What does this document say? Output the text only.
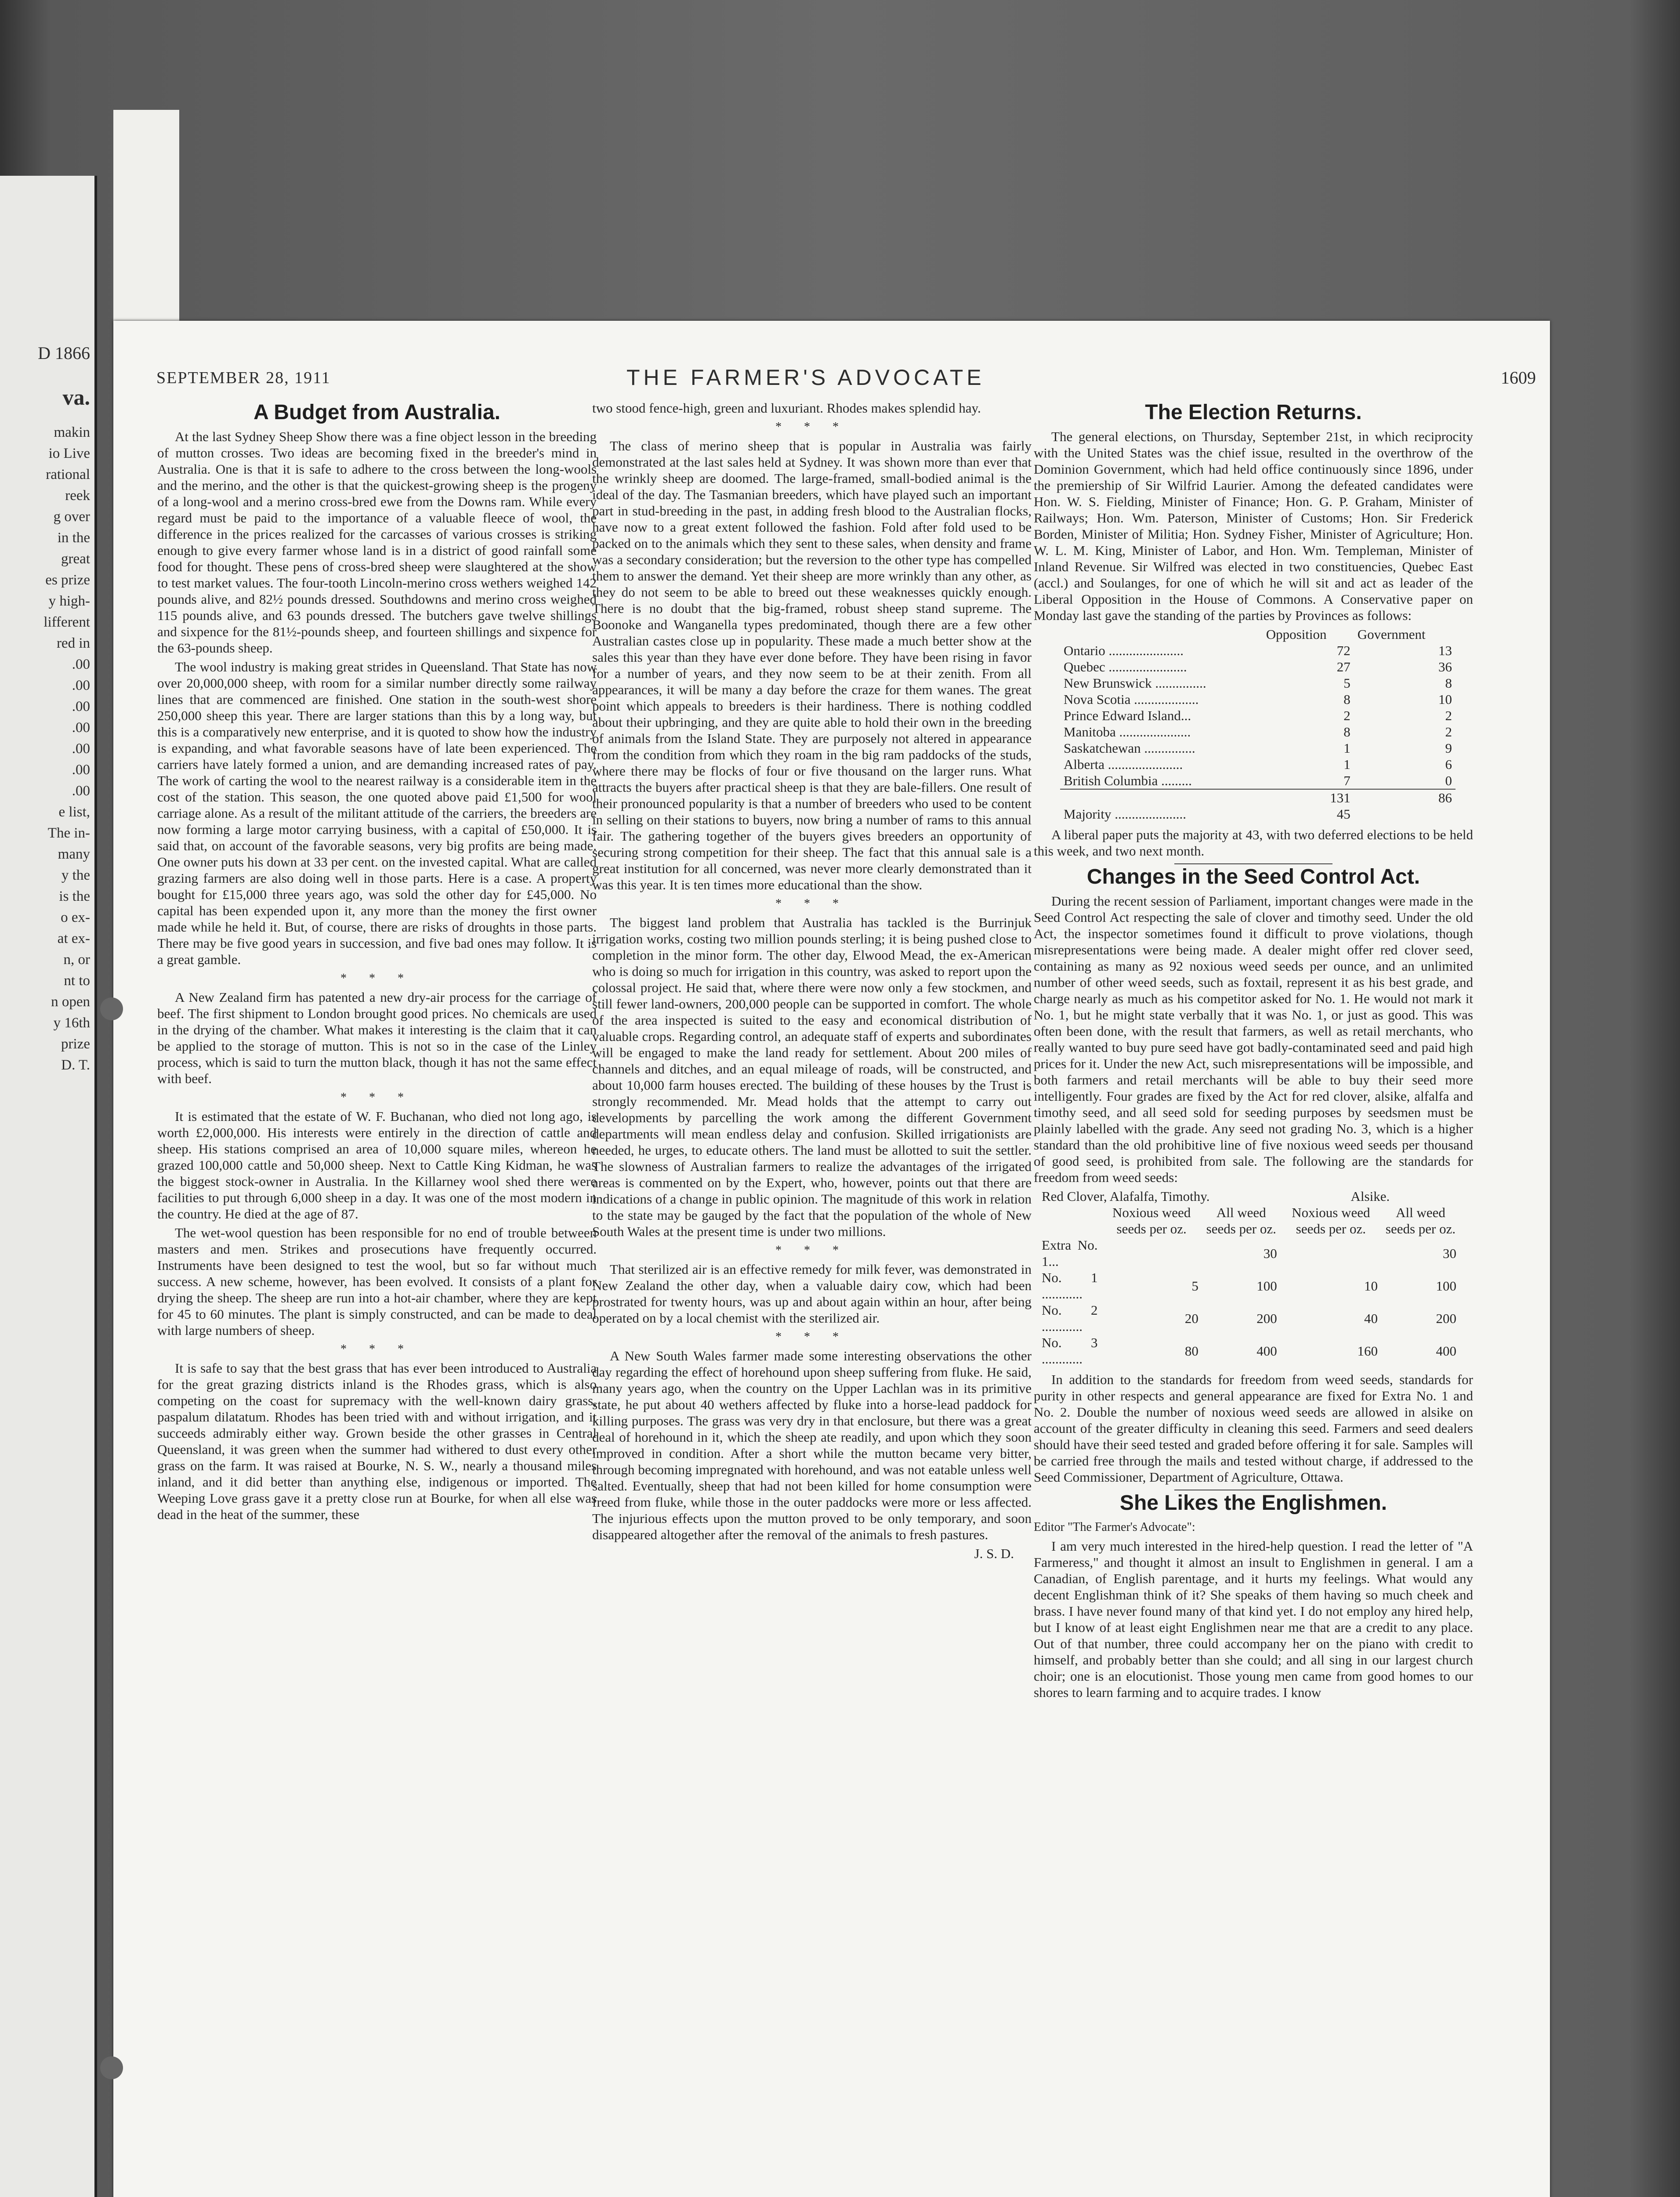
D 1866
va.
makin
io Live
rational
reek
g over
in the
great
es prize
y high-
lifferent
red in
.00
.00
.00
.00
.00
.00
.00
e list,
The in-
many
y the
is the
o ex-
at ex-
n, or
nt to
n open
y 16th
prize
D. T.
SEPTEMBER 28, 1911	THE FARMER'S ADVOCATE	1609
A Budget from Australia.

At the last Sydney Sheep Show there was a fine object lesson in the breeding of mutton crosses. Two ideas are becoming fixed in the breeder's mind in Australia. One is that it is safe to adhere to the cross between the long-wools and the merino, and the other is that the quickest-growing sheep is the progeny of a long-wool and a merino cross-bred ewe from the Downs ram. While every regard must be paid to the importance of a valuable fleece of wool, the difference in the prices realized for the carcasses of various crosses is striking enough to give every farmer whose land is in a district of good rainfall some food for thought. These pens of cross-bred sheep were slaughtered at the show to test market values. The four-tooth Lincoln-merino cross wethers weighed 142 pounds alive, and 82½ pounds dressed. Southdowns and merino cross weighed 115 pounds alive, and 63 pounds dressed. The butchers gave twelve shillings and sixpence for the 81½-pounds sheep, and fourteen shillings and sixpence for the 63-pounds sheep.

The wool industry is making great strides in Queensland. That State has now over 20,000,000 sheep, with room for a similar number directly some railway lines that are commenced are finished. One station in the south-west shore 250,000 sheep this year. There are larger stations than this by a long way, but this is a comparatively new enterprise, and it is quoted to show how the industry is expanding, and what favorable seasons have of late been experienced. The carriers have lately formed a union, and are demanding increased rates of pay. The work of carting the wool to the nearest railway is a considerable item in the cost of the station. This season, the one quoted above paid £1,500 for wool carriage alone. As a result of the militant attitude of the carriers, the breeders are now forming a large motor carrying business, with a capital of £50,000. It is said that, on account of the favorable seasons, very big profits are being made. One owner puts his down at 33 per cent. on the invested capital. What are called grazing farmers are also doing well in those parts. Here is a case. A property bought for £15,000 three years ago, was sold the other day for £45,000. No capital has been expended upon it, any more than the money the first owner made while he held it. But, of course, there are risks of droughts in those parts. There may be five good years in succession, and five bad ones may follow. It is a great gamble.

* * *

A New Zealand firm has patented a new dry-air process for the carriage of beef. The first shipment to London brought good prices. No chemicals are used in the drying of the chamber. What makes it interesting is the claim that it can be applied to the storage of mutton. This is not so in the case of the Linley process, which is said to turn the mutton black, though it has not the same effect with beef.

* * *

It is estimated that the estate of W. F. Buchanan, who died not long ago, is worth £2,000,000. His interests were entirely in the direction of cattle and sheep. His stations comprised an area of 10,000 square miles, whereon he grazed 100,000 cattle and 50,000 sheep. Next to Cattle King Kidman, he was the biggest stock-owner in Australia. In the Killarney wool shed there were facilities to put through 6,000 sheep in a day. It was one of the most modern in the country. He died at the age of 87.

The wet-wool question has been responsible for no end of trouble between masters and men. Strikes and prosecutions have frequently occurred. Instruments have been designed to test the wool, but so far without much success. A new scheme, however, has been evolved. It consists of a plant for drying the sheep. The sheep are run into a hot-air chamber, where they are kept for 45 to 60 minutes. The plant is simply constructed, and can be made to deal with large numbers of sheep.

* * *

It is safe to say that the best grass that has ever been introduced to Australia for the great grazing districts inland is the Rhodes grass, which is also competing on the coast for supremacy with the well-known dairy grass, paspalum dilatatum. Rhodes has been tried with and without irrigation, and it succeeds admirably either way. Grown beside the other grasses in Central Queensland, it was green when the summer had withered to dust every other grass on the farm. It was raised at Bourke, N. S. W., nearly a thousand miles inland, and it did better than anything else, indigenous or imported. The Weeping Love grass gave it a pretty close run at Bourke, for when all else was dead in the heat of the summer, these

two stood fence-high, green and luxuriant. Rhodes makes splendid hay.

* * *

The class of merino sheep that is popular in Australia was fairly demonstrated at the last sales held at Sydney. It was shown more than ever that the wrinkly sheep are doomed. The large-framed, small-bodied animal is the ideal of the day. The Tasmanian breeders, which have played such an important part in stud-breeding in the past, in adding fresh blood to the Australian flocks, have now to a great extent followed the fashion. Fold after fold used to be packed on to the animals which they sent to these sales, when density and frame was a secondary consideration; but the reversion to the other type has compelled them to answer the demand. Yet their sheep are more wrinkly than any other, as they do not seem to be able to breed out these weaknesses quickly enough. There is no doubt that the big-framed, robust sheep stand supreme. The Boonoke and Wanganella types predominated, though there are a few other Australian castes close up in popularity. These made a much better show at the sales this year than they have ever done before. They have been rising in favor for a number of years, and they now seem to be at their zenith. From all appearances, it will be many a day before the craze for them wanes. The great point which appeals to breeders is their hardiness. There is nothing coddled about their upbringing, and they are quite able to hold their own in the breeding of animals from the Island State. They are purposely not altered in appearance from the condition from which they roam in the big ram paddocks of the studs, where there may be flocks of four or five thousand on the larger runs. What attracts the buyers after practical sheep is that they are bale-fillers. One result of their pronounced popularity is that a number of breeders who used to be content in selling on their stations to buyers, now bring a number of rams to this annual fair. The gathering together of the buyers gives breeders an opportunity of securing strong competition for their sheep. The fact that this annual sale is a great institution for all concerned, was never more clearly demonstrated than it was this year. It is ten times more educational than the show.

* * *

The biggest land problem that Australia has tackled is the Burrinjuk irrigation works, costing two million pounds sterling; it is being pushed close to completion in the minor form. The other day, Elwood Mead, the ex-American who is doing so much for irrigation in this country, was asked to report upon the colossal project. He said that, where there were now only a few stockmen, and still fewer land-owners, 200,000 people can be supported in comfort. The whole of the area inspected is suited to the easy and economical distribution of valuable crops. Regarding control, an adequate staff of experts and subordinates will be engaged to make the land ready for settlement. About 200 miles of channels and ditches, and an equal mileage of roads, will be constructed, and about 10,000 farm houses erected. The building of these houses by the Trust is strongly recommended. Mr. Mead holds that the attempt to carry out developments by parcelling the work among the different Government departments will mean endless delay and confusion. Skilled irrigationists are needed, he urges, to educate others. The land must be allotted to suit the settler. The slowness of Australian farmers to realize the advantages of the irrigated areas is commented on by the Expert, who, however, points out that there are indications of a change in public opinion. The magnitude of this work in relation to the state may be gauged by the fact that the population of the whole of New South Wales at the present time is under two millions.

* * *

That sterilized air is an effective remedy for milk fever, was demonstrated in New Zealand the other day, when a valuable dairy cow, which had been prostrated for twenty hours, was up and about again within an hour, after being operated on by a local chemist with the sterilized air.

* * *

A New South Wales farmer made some interesting observations the other day regarding the effect of horehound upon sheep suffering from fluke. He said, many years ago, when the country on the Upper Lachlan was in its primitive state, he put about 40 wethers affected by fluke into a horse-lead paddock for killing purposes. The grass was very dry in that enclosure, but there was a great deal of horehound in it, which the sheep ate readily, and upon which they soon improved in condition. After a short while the mutton became very bitter, through becoming impregnated with horehound, and was not eatable unless well salted. Eventually, sheep that had not been killed for home consumption were freed from fluke, while those in the outer paddocks were more or less affected. The injurious effects upon the mutton proved to be only temporary, and soon disappeared altogether after the removal of the animals to fresh pastures.

J. S. D.
The Election Returns.

The general elections, on Thursday, September 21st, in which reciprocity with the United States was the chief issue, resulted in the overthrow of the Dominion Government, which had held office continuously since 1896, under the premiership of Sir Wilfrid Laurier. Among the defeated candidates were Hon. W. S. Fielding, Minister of Finance; Hon. G. P. Graham, Minister of Railways; Hon. Wm. Paterson, Minister of Customs; Hon. Sir Frederick Borden, Minister of Militia; Hon. Sydney Fisher, Minister of Agriculture; Hon. W. L. M. King, Minister of Labor, and Hon. Wm. Templeman, Minister of Inland Revenue. Sir Wilfred was elected in two constituencies, Quebec East (accl.) and Soulanges, for one of which he will sit and act as leader of the Liberal Opposition in the House of Commons. A Conservative paper on Monday last gave the standing of the parties by Provinces as follows:

	Opposition	Government
Ontario ......................	72	13
Quebec .......................	27	36
New Brunswick ...............	5	8
Nova Scotia ...................	8	10
Prince Edward Island...	2	2
Manitoba .....................	8	2
Saskatchewan ...............	1	9
Alberta ......................	1	6
British Columbia .........	7	0
	131	86
Majority .....................	45	

A liberal paper puts the majority at 43, with two deferred elections to be held this week, and two next month.

Changes in the Seed Control Act.

During the recent session of Parliament, important changes were made in the Seed Control Act respecting the sale of clover and timothy seed. Under the old Act, the inspector sometimes found it difficult to prove violations, though misrepresentations were being made. A dealer might offer red clover seed, containing as many as 92 noxious weed seeds per ounce, and an unlimited number of other weed seeds, such as foxtail, represent it as his best grade, and charge nearly as much as his competitor asked for No. 1. He would not mark it No. 1, but he might state verbally that it was No. 1, or just as good. This was often been done, with the result that farmers, as well as retail merchants, who really wanted to buy pure seed have got badly-contaminated seed and paid high prices for it. Under the new Act, such misrepresentations will be impossible, and both farmers and retail merchants will be able to buy their seed more intelligently. Four grades are fixed by the Act for red clover, alsike, alfalfa and timothy seed, and all seed sold for seeding purposes by seedsmen must be plainly labelled with the grade. Any seed not grading No. 3, which is a higher standard than the old prohibitive line of five noxious weed seeds per thousand of good seed, is prohibited from sale. The following are the standards for freedom from weed seeds:

Red Clover, Alafalfa, Timothy.			Alsike.	
	Noxious weed seeds per oz.	All weed seeds per oz.	Noxious weed seeds per oz.	All weed seeds per oz.
Extra No. 1...		30		30
No. 1 ............	5	100	10	100
No. 2 ............	20	200	40	200
No. 3 ............	80	400	160	400

In addition to the standards for freedom from weed seeds, standards for purity in other respects and general appearance are fixed for Extra No. 1 and No. 2. Double the number of noxious weed seeds are allowed in alsike on account of the greater difficulty in cleaning this seed. Farmers and seed dealers should have their seed tested and graded before offering it for sale. Samples will be carried free through the mails and tested without charge, if addressed to the Seed Commissioner, Department of Agriculture, Ottawa.

She Likes the Englishmen.

Editor "The Farmer's Advocate":

I am very much interested in the hired-help question. I read the letter of "A Farmeress," and thought it almost an insult to Englishmen in general. I am a Canadian, of English parentage, and it hurts my feelings. What would any decent Englishman think of it? She speaks of them having so much cheek and brass. I have never found many of that kind yet. I do not employ any hired help, but I know of at least eight Englishmen near me that are a credit to any place. Out of that number, three could accompany her on the piano with credit to himself, and probably better than she could; and all sing in our largest church choir; one is an elocutionist. Those young men came from good homes to our shores to learn farming and to acquire trades. I know
